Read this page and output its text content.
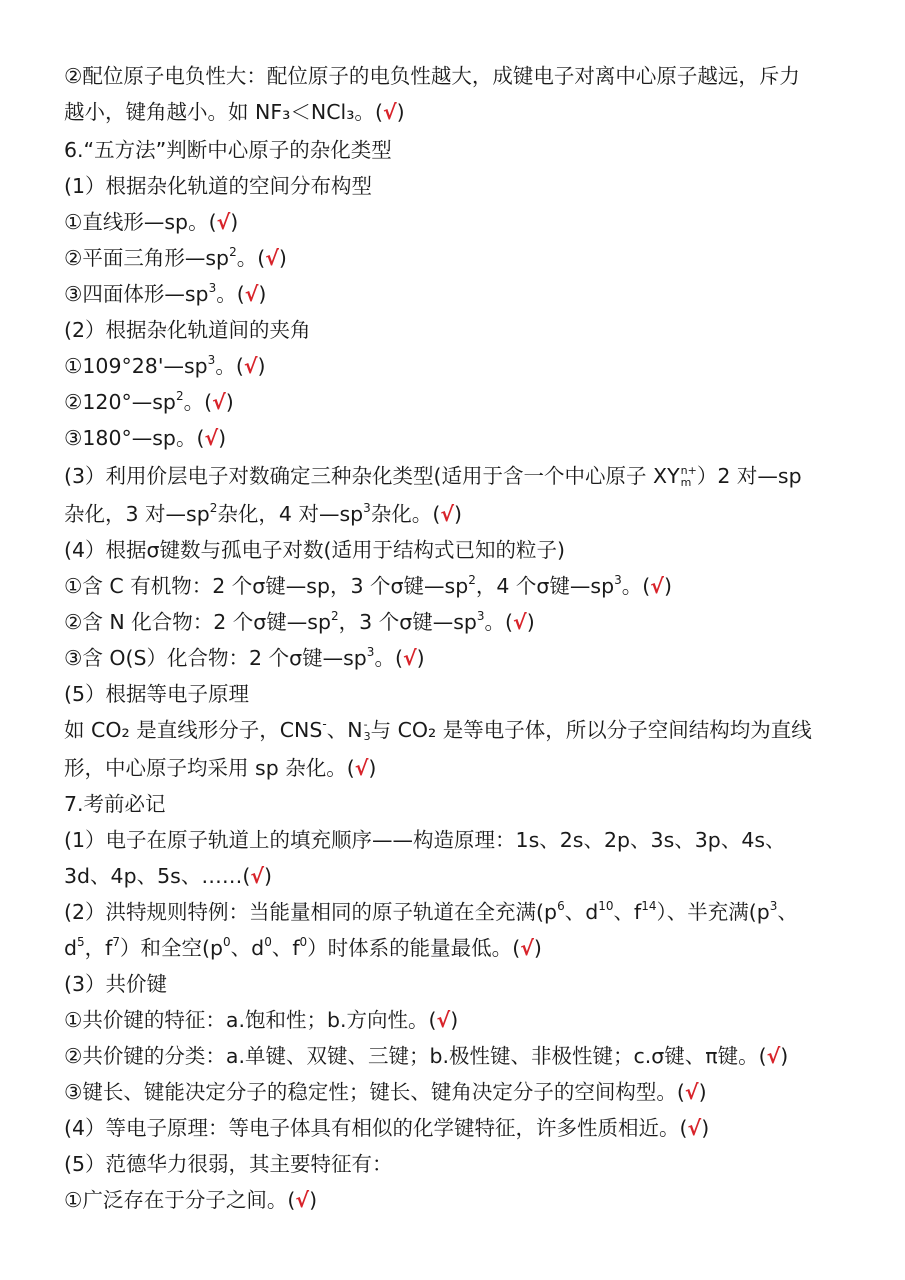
②配位原子电负性大：配位原子的电负性越大，成键电子对离中心原子越远，斥力
越小，键角越小。如 NF₃＜NCl₃。(√)
6.“五方法”判断中心原子的杂化类型
(1）根据杂化轨道的空间分布构型
①直线形—sp。(√)
②平面三角形$—sp^2$。(√)
③四面体形$—sp^3$。(√)
(2）根据杂化轨道间的夹角
$①109^\circ 28'—sp^3$。(√)
$②120^\circ—sp^2$。(√)
③180°—sp。(√)
(3）利用价层电子对数确定三种杂化类型(适用于含一个中心原子 XY n+
m ）2 对—sp
杂化，3 对$—sp^2$杂化，4 对$—sp^3$杂化。(√)
(4）根据σ键数与孤电子对数(适用于结构式已知的粒子)
①含 C 有机物：2 个σ键—sp，3 个σ键$—sp^2$，4 个σ键$—sp^3$。(√)
②含 N 化合物：2 个σ键$—sp^2$，3 个σ键$—sp^3$。(√)
③含 O(S）化合物：2 个σ键$—sp^3$。(√)
(5）根据等电子原理
如 CO₂ 是直线形分子，CNS-、N -
3 与 CO₂ 是等电子体，所以分子空间结构均为直线
形，中心原子均采用 sp 杂化。(√)
7.考前必记
(1）电子在原子轨道上的填充顺序——构造原理：1s、2s、2p、3s、3p、4s、
3d、4p、5s、……(√)
(2）洪特规则特例：当能量相同的原子轨道在全充满($p^6$、$d^{10}$、$f^{14}$）、半充满($p^3$、
$d^5$，$f^7$）和全空($p^0$、$d^0$、$f^0$）时体系的能量最低。(√)
(3）共价键
①共价键的特征：a.饱和性；b.方向性。(√)
②共价键的分类：a.单键、双键、三键；b.极性键、非极性键；c.σ键、π键。(√)
③键长、键能决定分子的稳定性；键长、键角决定分子的空间构型。(√)
(4）等电子原理：等电子体具有相似的化学键特征，许多性质相近。(√)
(5）范德华力很弱，其主要特征有：
①广泛存在于分子之间。(√)
